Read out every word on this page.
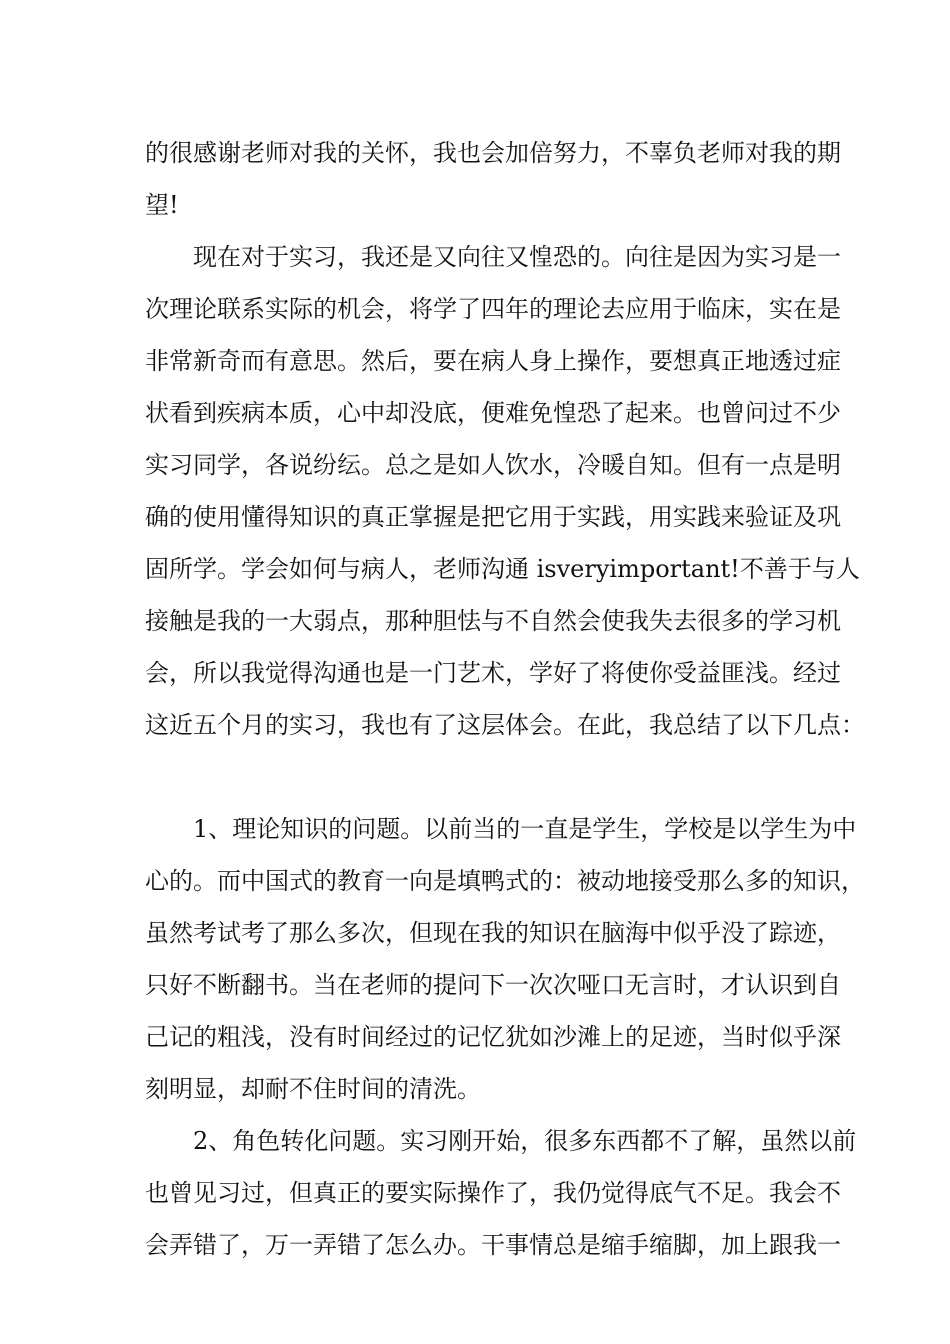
的很感谢老师对我的关怀，我也会加倍努力，不辜负老师对我的期

望!

现在对于实习，我还是又向往又惶恐的。向往是因为实习是一

次理论联系实际的机会，将学了四年的理论去应用于临床，实在是

非常新奇而有意思。然后，要在病人身上操作，要想真正地透过症

状看到疾病本质，心中却没底，便难免惶恐了起来。也曾问过不少

实习同学，各说纷纭。总之是如人饮水，冷暖自知。但有一点是明

确的使用懂得知识的真正掌握是把它用于实践，用实践来验证及巩

固所学。学会如何与病人，老师沟通 isveryimportant!不善于与人

接触是我的一大弱点，那种胆怯与不自然会使我失去很多的学习机

会，所以我觉得沟通也是一门艺术，学好了将使你受益匪浅。经过

这近五个月的实习，我也有了这层体会。在此，我总结了以下几点：

1、理论知识的问题。以前当的一直是学生，学校是以学生为中

心的。而中国式的教育一向是填鸭式的：被动地接受那么多的知识，

虽然考试考了那么多次，但现在我的知识在脑海中似乎没了踪迹，

只好不断翻书。当在老师的提问下一次次哑口无言时，才认识到自

己记的粗浅，没有时间经过的记忆犹如沙滩上的足迹，当时似乎深

刻明显，却耐不住时间的清洗。

2、角色转化问题。实习刚开始，很多东西都不了解，虽然以前

也曾见习过，但真正的要实际操作了，我仍觉得底气不足。我会不

会弄错了，万一弄错了怎么办。干事情总是缩手缩脚，加上跟我一
